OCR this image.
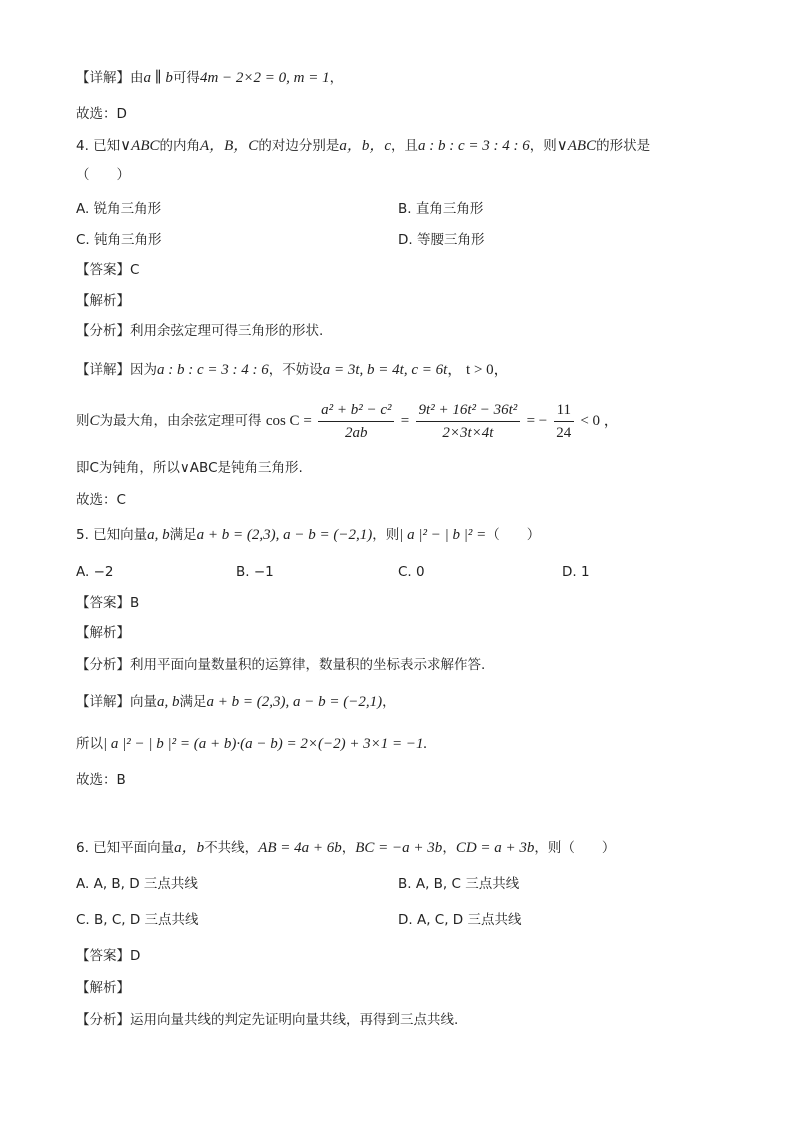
【详解】由a ∥ b可得4m − 2×2 = 0, m = 1，
故选：D
4. 已知∨ABC的内角A，B，C的对边分别是a，b，c，且a : b : c = 3 : 4 : 6，则∨ABC的形状是
（　　）
A. 锐角三角形	B. 直角三角形
C. 钝角三角形	D. 等腰三角形
【答案】C
【解析】
【分析】利用余弦定理可得三角形的形状.
【详解】因为a : b : c = 3 : 4 : 6，不妨设a = 3t, b = 4t, c = 6t， t > 0，
则C为最大角，由余弦定理可得 $\cos C = \frac{\text{a² + b² − c²}}{2ab} = \frac{\text{9t² + 16t² − 36t²}}{2\times 3t\times 4t}$ = − $\frac{11}{24} < 0$ ，
即C为钝角，所以∨ABC是钝角三角形.
故选：C
5. 已知向量a, b满足a + b = (2,3), a − b = (−2,1)，则| a |² − | b |² =（　　）
A. −2	B. −1	C. 0	D. 1
【答案】B
【解析】
【分析】利用平面向量数量积的运算律，数量积的坐标表示求解作答.
【详解】向量a, b满足a + b = (2,3), a − b = (−2,1)，
所以| a |² − | b |² = (a + b)·(a − b) = 2×(−2) + 3×1 = −1.
故选：B
6. 已知平面向量a，b不共线，AB = 4a + 6b，BC = −a + 3b，CD = a + 3b，则（　　）
A. A, B, D 三点共线	B. A, B, C 三点共线
C. B, C, D 三点共线	D. A, C, D 三点共线
【答案】D
【解析】
【分析】运用向量共线的判定先证明向量共线，再得到三点共线.
